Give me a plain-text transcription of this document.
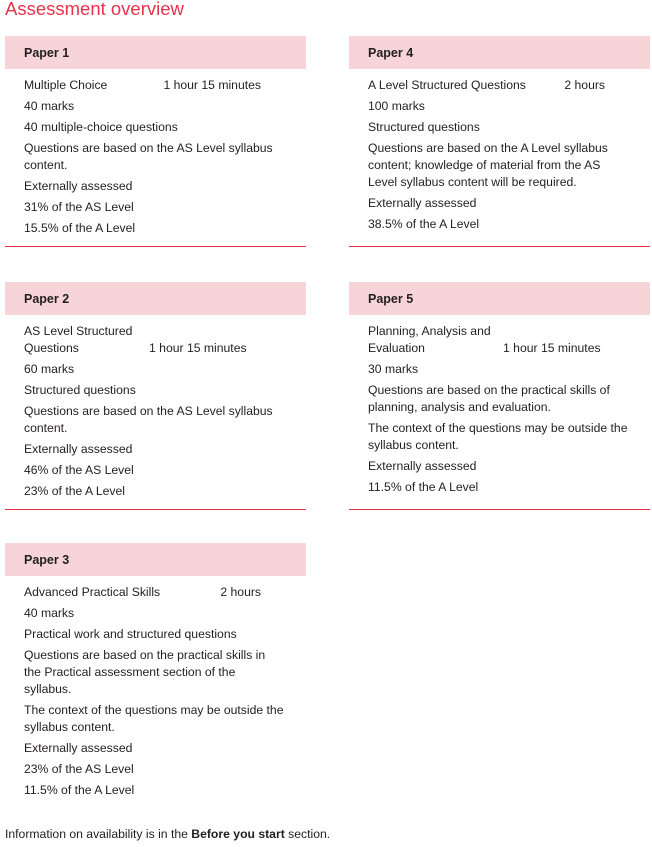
Assessment overview
Paper 1
Multiple Choice	1 hour 15 minutes
40 marks
40 multiple-choice questions
Questions are based on the AS Level syllabus content.
Externally assessed
31% of the AS Level
15.5% of the A Level
Paper 4
A Level Structured Questions	2 hours
100 marks
Structured questions
Questions are based on the A Level syllabus content; knowledge of material from the AS Level syllabus content will be required.
Externally assessed
38.5% of the A Level
Paper 2
AS Level Structured Questions	1 hour 15 minutes
60 marks
Structured questions
Questions are based on the AS Level syllabus content.
Externally assessed
46% of the AS Level
23% of the A Level
Paper 5
Planning, Analysis and Evaluation	1 hour 15 minutes
30 marks
Questions are based on the practical skills of planning, analysis and evaluation.
The context of the questions may be outside the syllabus content.
Externally assessed
11.5% of the A Level
Paper 3
Advanced Practical Skills	2 hours
40 marks
Practical work and structured questions
Questions are based on the practical skills in the Practical assessment section of the syllabus.
The context of the questions may be outside the syllabus content.
Externally assessed
23% of the AS Level
11.5% of the A Level
Information on availability is in the Before you start section.
